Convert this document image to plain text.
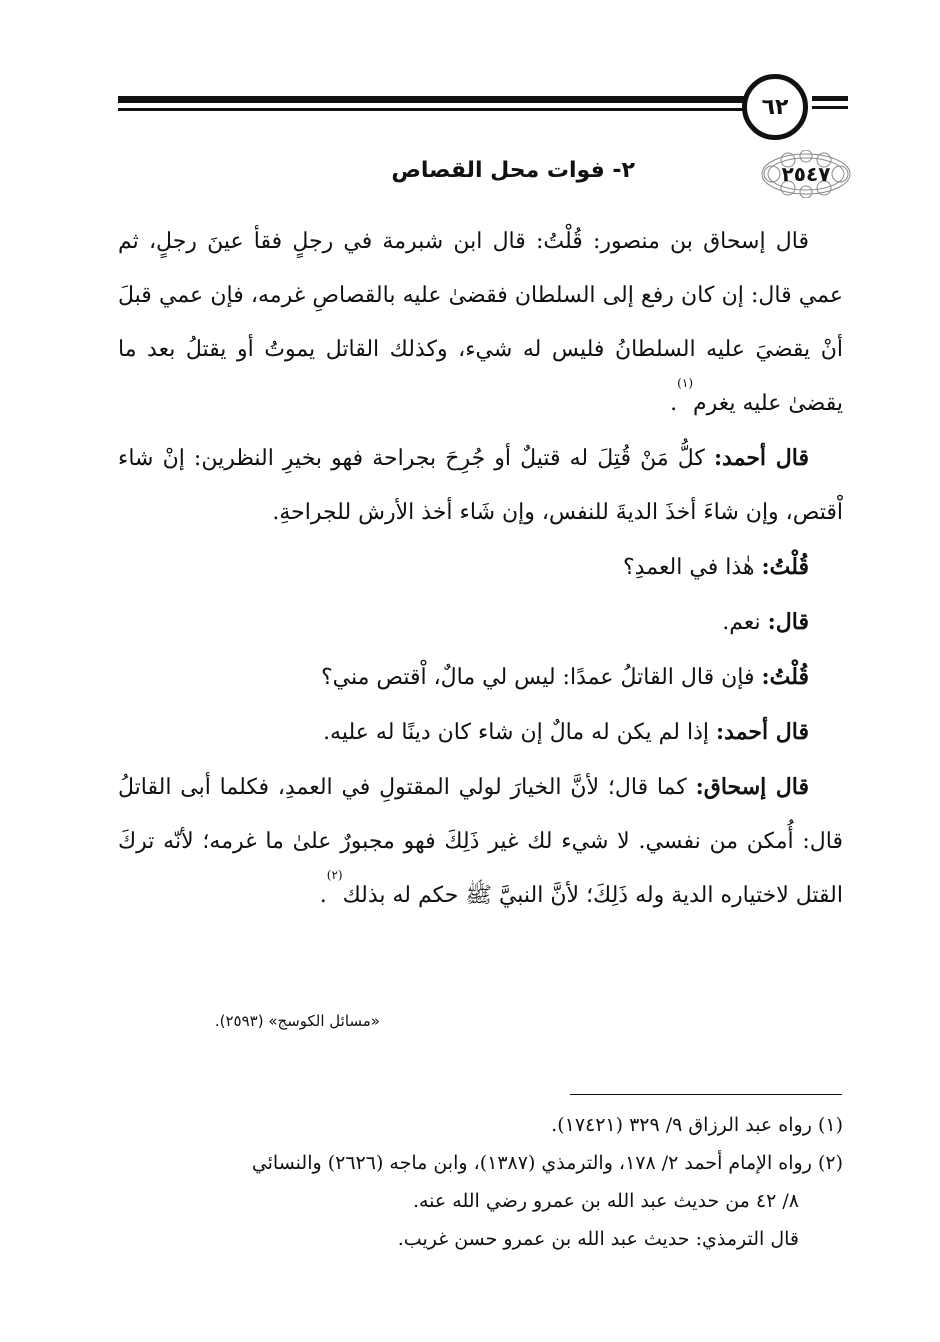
٦٢
٢- فوات محل القصاص	٢٥٤٧

قال إسحاق بن منصور: قُلْتُ: قال ابن شبرمة في رجلٍ فقأ عينَ رجلٍ، ثم عمي قال: إن كان رفع إلى السلطان فقضىٰ عليه بالقصاصِ غرمه، فإن عمي قبلَ أنْ يقضيَ عليه السلطانُ فليس له شيء، وكذلك القاتل يموتُ أو يقتلُ بعد ما يقضىٰ عليه يغرم$^{(١)}$.

قال أحمد: كلُّ مَنْ قُتِلَ له قتيلٌ أو جُرِحَ بجراحة فهو بخيرِ النظرين: إنْ شاء اْقتص، وإن شاءَ أخذَ الديةَ للنفس، وإن شَاء أخذ الأرش للجراحةِ.

قُلْتُ: هٰذا في العمدِ؟

قال: نعم.

قُلْتُ: فإن قال القاتلُ عمدًا: ليس لي مالٌ، اْقتص مني؟

قال أحمد: إذا لم يكن له مالٌ إن شاء كان دينًا له عليه.

قال إسحاق: كما قال؛ لأنَّ الخيارَ لولي المقتولِ في العمدِ، فكلما أبى القاتلُ قال: أُمكن من نفسي. لا شيء لك غير ذَلِكَ فهو مجبورٌ علىٰ ما غرمه؛ لأنّه تركَ القتل لاختياره الدية وله ذَلِكَ؛ لأنَّ النبيَّ ﷺ حكم له بذلك$^{(٢)}$.

«مسائل الكوسج» (٢٥٩٣).

(١) رواه عبد الرزاق ٩/ ٣٢٩ (١٧٤٢١).

(٢) رواه الإمام أحمد ٢/ ١٧٨، والترمذي (١٣٨٧)، وابن ماجه (٢٦٢٦) والنسائي

٨/ ٤٢ من حديث عبد الله بن عمرو رضي الله عنه.

قال الترمذي: حديث عبد الله بن عمرو حسن غريب.
